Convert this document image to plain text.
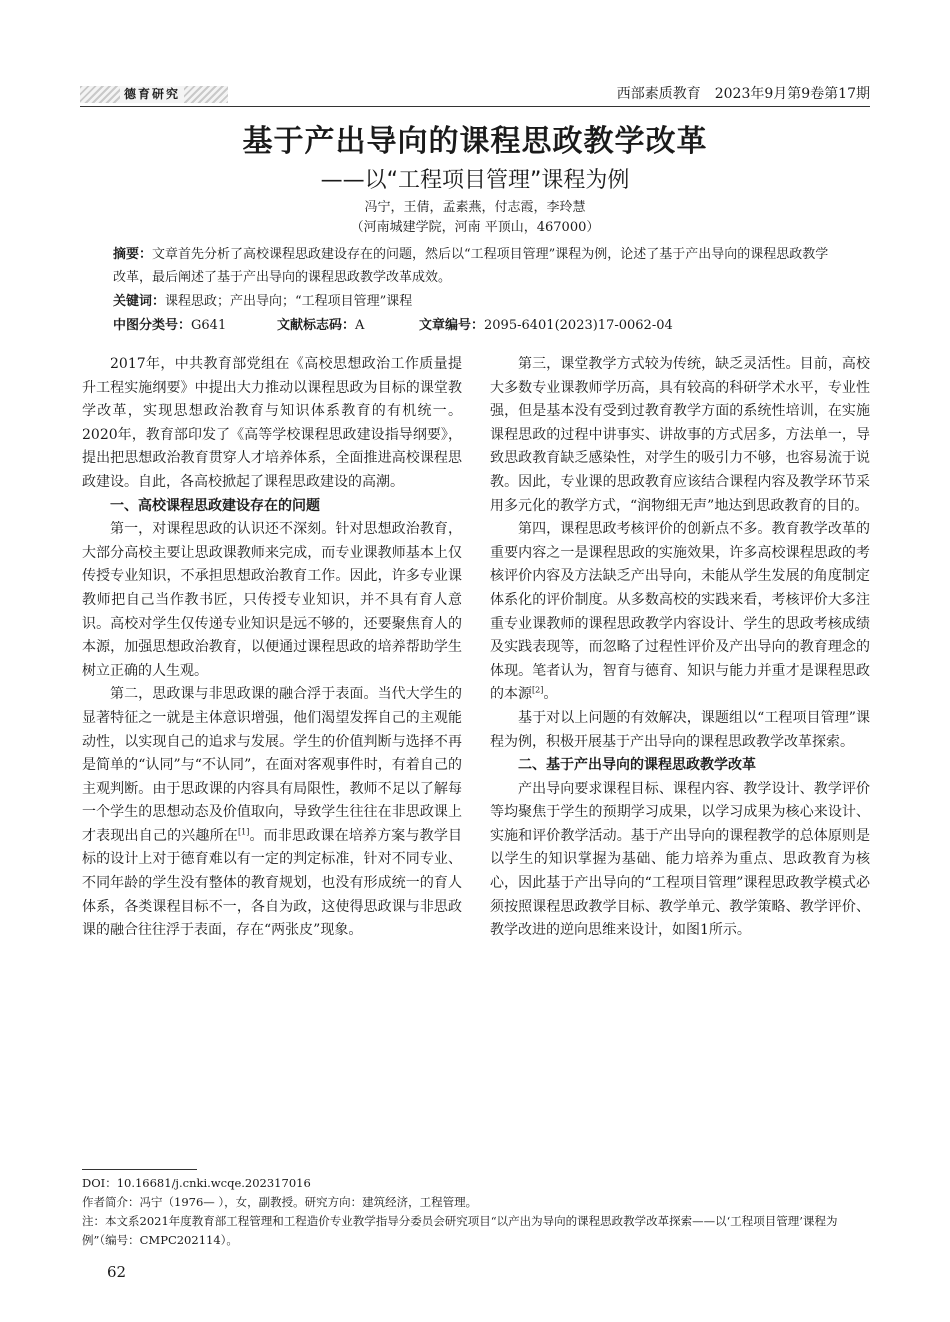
德育研究	西部素质教育　2023年9月第9卷第17期
基于产出导向的课程思政教学改革
——以“工程项目管理”课程为例
冯宁，王倩，孟素燕，付志霞，李玲慧
（河南城建学院，河南 平顶山，467000）
摘要：文章首先分析了高校课程思政建设存在的问题，然后以“工程项目管理”课程为例，论述了基于产出导向的课程思政教学改革，最后阐述了基于产出导向的课程思政教学改革成效。
关键词：课程思政；产出导向；“工程项目管理”课程
中图分类号：G641	文献标志码：A	文章编号：2095-6401(2023)17-0062-04

2017年，中共教育部党组在《高校思想政治工作质量提升工程实施纲要》中提出大力推动以课程思政为目标的课堂教学改革，实现思想政治教育与知识体系教育的有机统一。2020年，教育部印发了《高等学校课程思政建设指导纲要》，提出把思想政治教育贯穿人才培养体系，全面推进高校课程思政建设。自此，各高校掀起了课程思政建设的高潮。

一、高校课程思政建设存在的问题

第一，对课程思政的认识还不深刻。针对思想政治教育，大部分高校主要让思政课教师来完成，而专业课教师基本上仅传授专业知识，不承担思想政治教育工作。因此，许多专业课教师把自己当作教书匠，只传授专业知识，并不具有育人意识。高校对学生仅传递专业知识是远不够的，还要聚焦育人的本源，加强思想政治教育，以便通过课程思政的培养帮助学生树立正确的人生观。

第二，思政课与非思政课的融合浮于表面。当代大学生的显著特征之一就是主体意识增强，他们渴望发挥自己的主观能动性，以实现自己的追求与发展。学生的价值判断与选择不再是简单的“认同”与“不认同”，在面对客观事件时，有着自己的主观判断。由于思政课的内容具有局限性，教师不足以了解每一个学生的思想动态及价值取向，导致学生往往在非思政课上才表现出自己的兴趣所在[1]。而非思政课在培养方案与教学目标的设计上对于德育难以有一定的判定标准，针对不同专业、不同年龄的学生没有整体的教育规划，也没有形成统一的育人体系，各类课程目标不一，各自为政，这使得思政课与非思政课的融合往往浮于表面，存在“两张皮”现象。

第三，课堂教学方式较为传统，缺乏灵活性。目前，高校大多数专业课教师学历高，具有较高的科研学术水平，专业性强，但是基本没有受到过教育教学方面的系统性培训，在实施课程思政的过程中讲事实、讲故事的方式居多，方法单一，导致思政教育缺乏感染性，对学生的吸引力不够，也容易流于说教。因此，专业课的思政教育应该结合课程内容及教学环节采用多元化的教学方式，“润物细无声”地达到思政教育的目的。

第四，课程思政考核评价的创新点不多。教育教学改革的重要内容之一是课程思政的实施效果，许多高校课程思政的考核评价内容及方法缺乏产出导向，未能从学生发展的角度制定体系化的评价制度。从多数高校的实践来看，考核评价大多注重专业课教师的课程思政教学内容设计、学生的思政考核成绩及实践表现等，而忽略了过程性评价及产出导向的教育理念的体现。笔者认为，智育与德育、知识与能力并重才是课程思政的本源[2]。

基于对以上问题的有效解决，课题组以“工程项目管理”课程为例，积极开展基于产出导向的课程思政教学改革探索。

二、基于产出导向的课程思政教学改革

产出导向要求课程目标、课程内容、教学设计、教学评价等均聚焦于学生的预期学习成果，以学习成果为核心来设计、实施和评价教学活动。基于产出导向的课程教学的总体原则是以学生的知识掌握为基础、能力培养为重点、思政教育为核心，因此基于产出导向的“工程项目管理”课程思政教学模式必须按照课程思政教学目标、教学单元、教学策略、教学评价、教学改进的逆向思维来设计，如图1所示。

DOI：10.16681/j.cnki.wcqe.202317016
作者简介：冯宁（1976— ），女，副教授。研究方向：建筑经济，工程管理。
注：本文系2021年度教育部工程管理和工程造价专业教学指导分委员会研究项目“以产出为导向的课程思政教学改革探索——以‘工程项目管理’课程为例”（编号：CMPC202114）。
62
